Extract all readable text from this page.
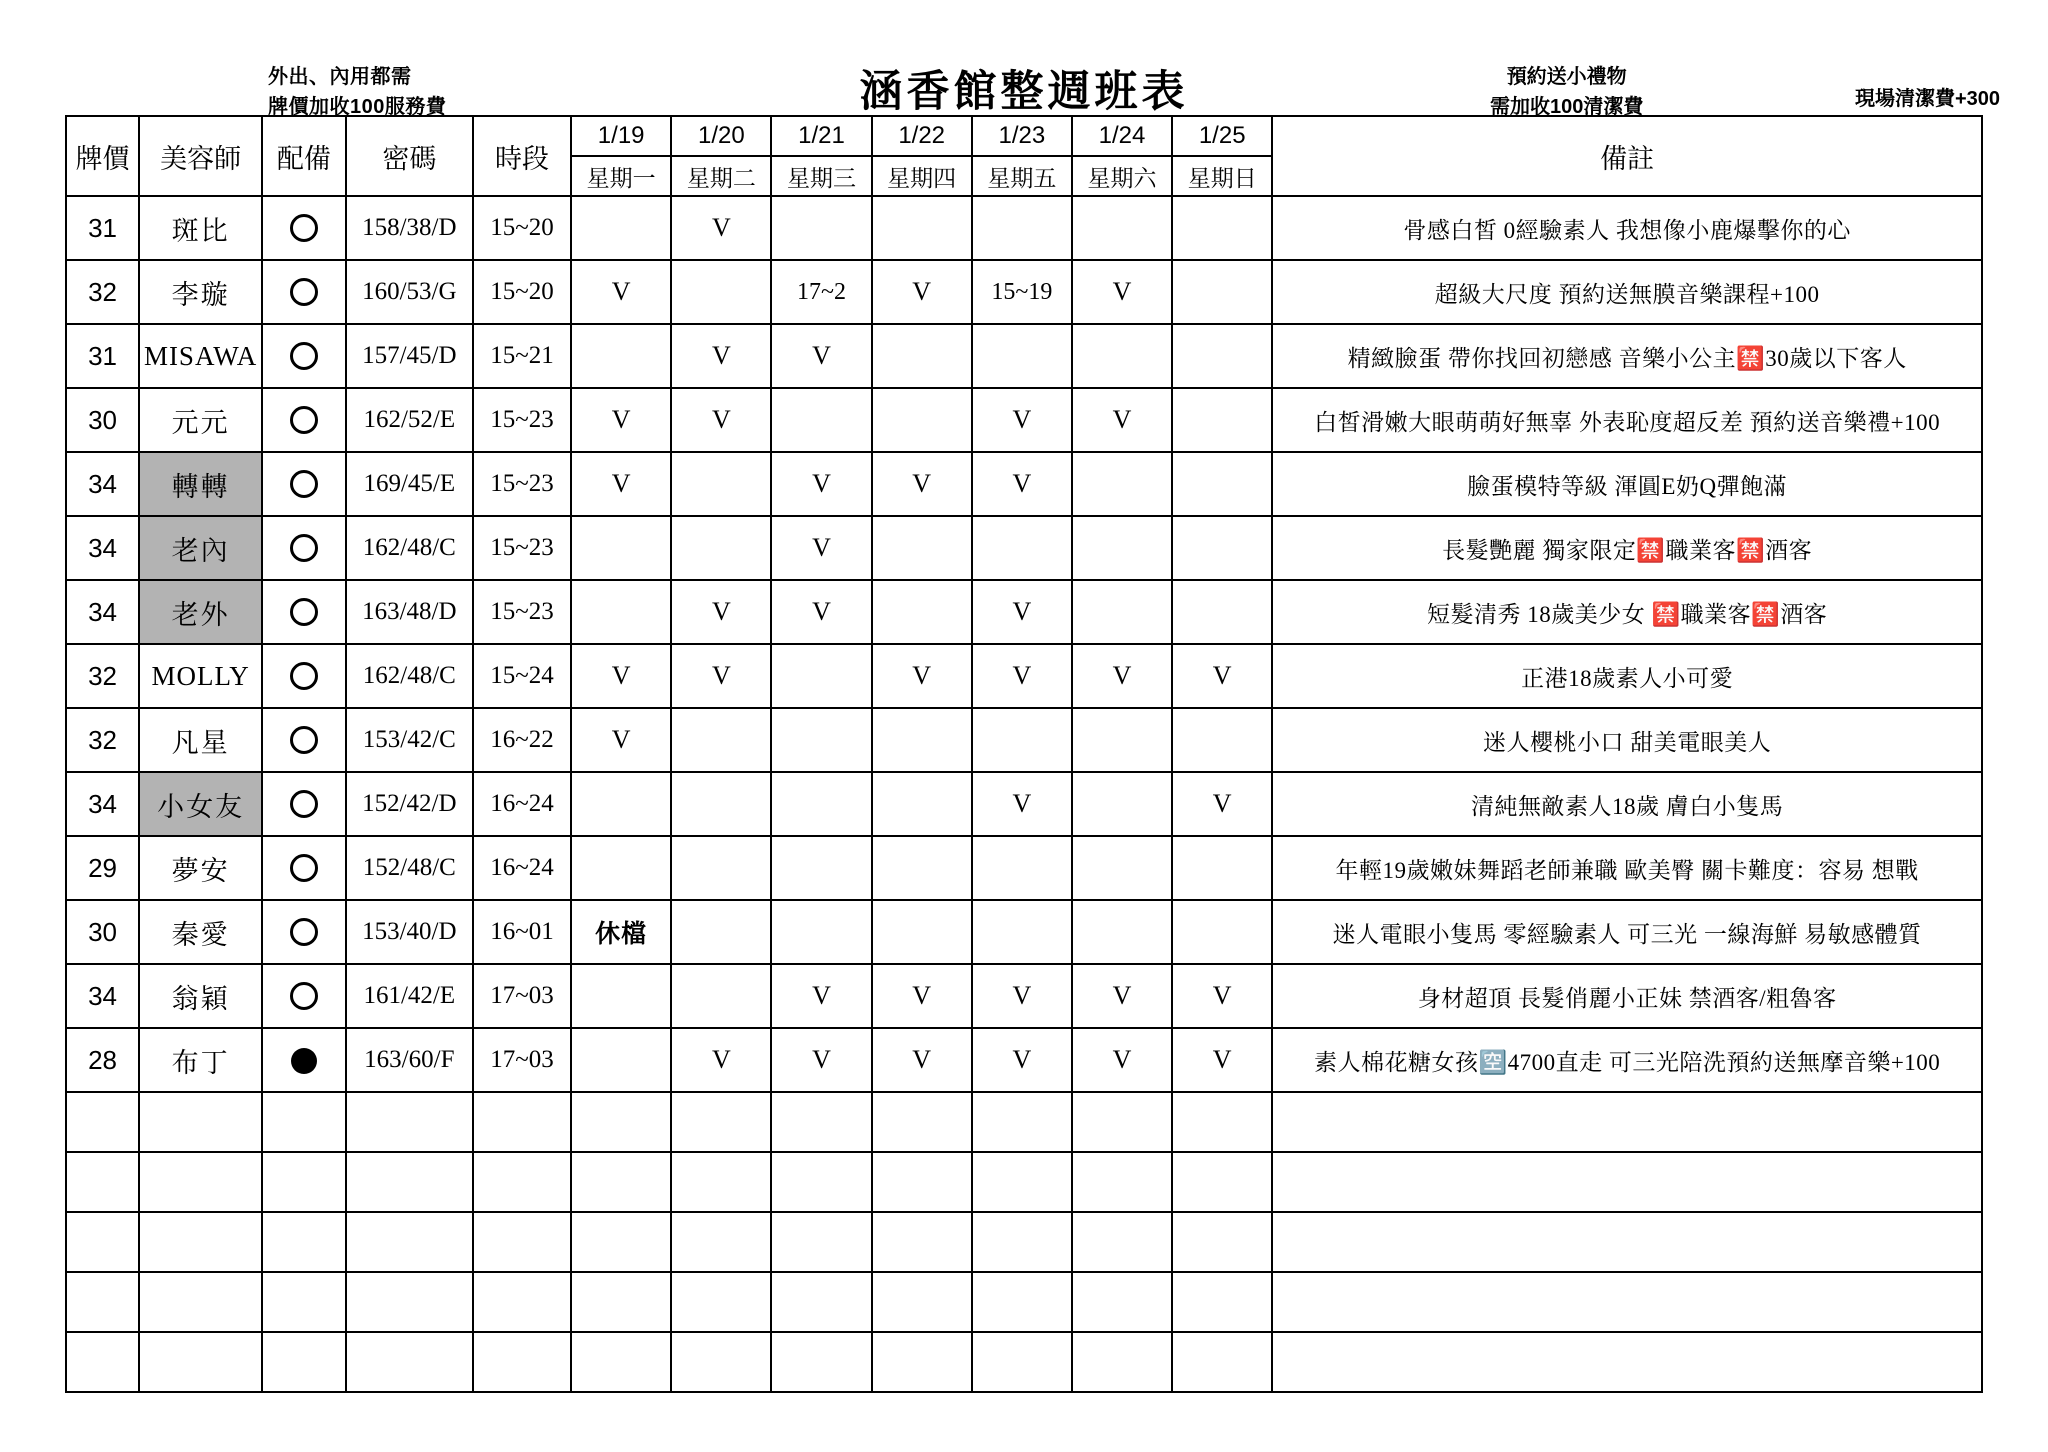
外出、內用都需
牌價加收100服務費	涵香館整週班表	預約送小禮物
需加收100清潔費	現場清潔費+300
牌價	美容師	配備	密碼	時段	1/19	1/20	1/21	1/22	1/23	1/24	1/25	備註
					星期一	星期二	星期三	星期四	星期五	星期六	星期日	
31	斑比		158/38/D	15~20		V						骨感白皙 0經驗素人 我想像小鹿爆擊你的心
32	李璇		160/53/G	15~20	V		17~2	V	15~19	V		超級大尺度 預約送無膜音樂課程+100
31	MISAWA		157/45/D	15~21		V	V					精緻臉蛋 帶你找回初戀感 音樂小公主🈲30歲以下客人
30	元元		162/52/E	15~23	V	V			V	V		白皙滑嫩大眼萌萌好無辜 外表恥度超反差 預約送音樂禮+100
34	轉轉		169/45/E	15~23	V		V	V	V			臉蛋模特等級 渾圓E奶Q彈飽滿
34	老內		162/48/C	15~23			V					長髮艷麗 獨家限定🈲職業客🈲酒客
34	老外		163/48/D	15~23		V	V		V			短髮清秀 18歲美少女 🈲職業客🈲酒客
32	MOLLY		162/48/C	15~24	V	V		V	V	V	V	正港18歲素人小可愛
32	凡星		153/42/C	16~22	V							迷人櫻桃小口 甜美電眼美人
34	小女友		152/42/D	16~24					V		V	清純無敵素人18歲 膚白小隻馬
29	夢安		152/48/C	16~24								年輕19歲嫩妹舞蹈老師兼職 歐美臀 關卡難度：容易 想戰
30	秦愛		153/40/D	16~01	休檔							迷人電眼小隻馬 零經驗素人 可三光 一線海鮮 易敏感體質
34	翁穎		161/42/E	17~03			V	V	V	V	V	身材超頂 長髮俏麗小正妹 禁酒客/粗魯客
28	布丁		163/60/F	17~03		V	V	V	V	V	V	素人棉花糖女孩🈳4700直走 可三光陪洗預約送無摩音樂+100
